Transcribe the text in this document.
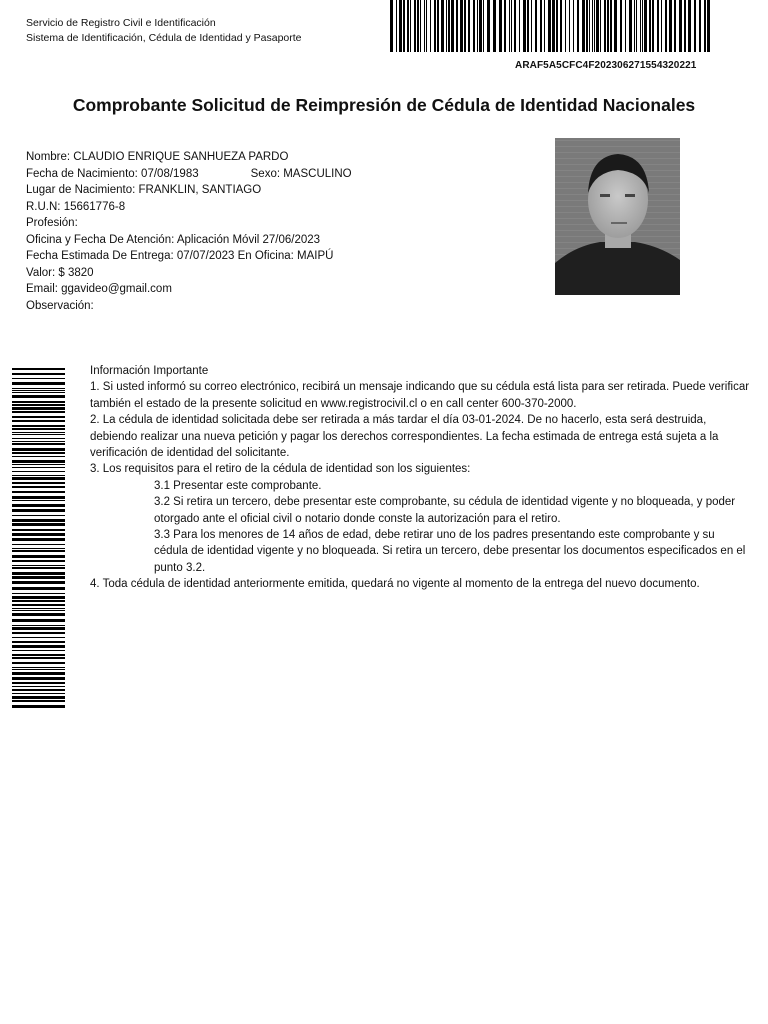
Servicio de Registro Civil e Identificación
Sistema de Identificación, Cédula de Identidad y Pasaporte
ARAF5A5CFC4F202306271554320221
Comprobante Solicitud de Reimpresión de Cédula de Identidad Nacionales
Nombre: CLAUDIO ENRIQUE SANHUEZA PARDO
Fecha de Nacimiento: 07/08/1983	Sexo: MASCULINO
Lugar de Nacimiento: FRANKLIN, SANTIAGO
R.U.N: 15661776-8
Profesión:
Oficina y Fecha De Atención: Aplicación Móvil 27/06/2023
Fecha Estimada De Entrega: 07/07/2023 En Oficina: MAIPÚ
Valor: $ 3820
Email: ggavideo@gmail.com
Observación:

Información Importante

1. Si usted informó su correo electrónico, recibirá un mensaje indicando que su cédula está lista para ser retirada. Puede verificar también el estado de la presente solicitud en www.registrocivil.cl o en call center 600-370-2000.

2. La cédula de identidad solicitada debe ser retirada a más tardar el día 03-01-2024. De no hacerlo, esta será destruida, debiendo realizar una nueva petición y pagar los derechos correspondientes. La fecha estimada de entrega está sujeta a la verificación de identidad del solicitante.

3. Los requisitos para el retiro de la cédula de identidad son los siguientes:

3.1 Presentar este comprobante.

3.2 Si retira un tercero, debe presentar este comprobante, su cédula de identidad vigente y no bloqueada, y poder otorgado ante el oficial civil o notario donde conste la autorización para el retiro.

3.3 Para los menores de 14 años de edad, debe retirar uno de los padres presentando este comprobante y su cédula de identidad vigente y no bloqueada. Si retira un tercero, debe presentar los documentos especificados en el punto 3.2.

4. Toda cédula de identidad anteriormente emitida, quedará no vigente al momento de la entrega del nuevo documento.
